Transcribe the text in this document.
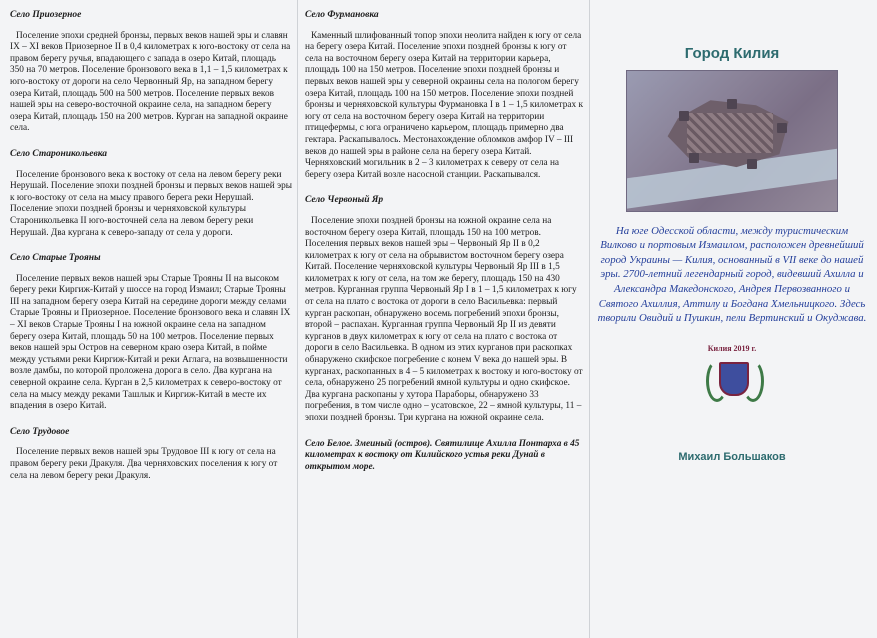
Село Приозерное
Поселение эпохи средней бронзы, первых веков нашей эры и славян IX – XI веков Приозерное II в 0,4 километрах к юго-востоку от села на правом берегу ручья, впадающего с запада в озеро Китай, площадь 350 на 70 метров. Поселение бронзового века в 1,1 – 1,5 километрах к юго-востоку от дороги на село Червонный Яр, на западном берегу озера Китай, площадь 500 на 500 метров. Поселение первых веков нашей эры на северо-восточной окраине села, на западном берегу озера Китай, площадь 150 на 200 метров. Курган на западной окраине села.
Село Староникольевка
Поселение бронзового века к востоку от села на левом берегу реки Нерушай. Поселение эпохи поздней бронзы и первых веков нашей эры к юго-востоку от села на мысу правого берега реки Нерушай. Поселение эпохи поздней бронзы и черняховской культуры Староникольевка II юго-восточней села на левом берегу реки Нерушай. Два кургана к северо-западу от села у дороги.
Село Старые Трояны
Поселение первых веков нашей эры Старые Трояны II на высоком берегу реки Киргиж-Китай у шоссе на город Измаил; Старые Трояны III на западном берегу озера Китай на середине дороги между селами Старые Трояны и Приозерное. Поселение бронзового века и славян IX – XI веков Старые Трояны I на южной окраине села на западном берегу озера Китай, площадь 50 на 100 метров. Поселение первых веков нашей эры Остров на северном краю озера Китай, в пойме между устьями реки Киргиж-Китай и реки Аглага, на возвышенности возле дамбы, по которой проложена дорога в село. Два кургана на северной окраине села. Курган в 2,5 километрах к северо-востоку от села на мысу между реками Ташлык и Киргиж-Китай в месте их впадения в озеро Китай.
Село Трудовое
Поселение первых веков нашей эры Трудовое III к югу от села на правом берегу реки Дракуля. Два черняховских поселения к югу от села на левом берегу реки Дракуля.
Село Фурмановка
Каменный шлифованный топор эпохи неолита найден к югу от села на берегу озера Китай. Поселение эпохи поздней бронзы к югу от села на восточном берегу озера Китай на территории карьера, площадь 100 на 150 метров. Поселение эпохи поздней бронзы и первых веков нашей эры у северной окраины села на пологом берегу озера Китай, площадь 100 на 150 метров. Поселение эпохи поздней бронзы и черняховской культуры Фурмановка I в 1 – 1,5 километрах к югу от села на восточном берегу озера Китай на территории птицефермы, с юга ограничено карьером, площадь примерно два гектара. Раскапывалось. Местонахождение обломков амфор IV – III веков до нашей эры в районе села на берегу озера Китай. Черняховский могильник в 2 – 3 километрах к северу от села на берегу озера Китай возле насосной станции. Раскапывался.
Село Червоный Яр
Поселение эпохи поздней бронзы на южной окраине села на восточном берегу озера Китай, площадь 150 на 100 метров. Поселения первых веков нашей эры – Червоный Яр II в 0,2 километрах к югу от села на обрывистом восточном берегу озера Китай. Поселение черняховской культуры Червоный Яр III в 1,5 километрах к югу от села, на том же берегу, площадь 150 на 430 метров. Курганная группа Червоный Яр I в 1 – 1,5 километрах к югу от села на плато с востока от дороги в село Васильевка: первый курган раскопан, обнаружено восемь погребений эпохи бронзы, второй – распахан. Курганная группа Червоный Яр II из девяти курганов в двух километрах к югу от села на плато с востока от дороги в село Васильевка. В одном из этих курганов при раскопках обнаружено скифское погребение с конем V века до нашей эры. В курганах, раскопанных в 4 – 5 километрах к востоку и юго-востоку от села, обнаружено 25 погребений ямной культуры и одно скифское. Два кургана раскопаны у хутора Параборы, обнаружено 33 погребения, в том числе одно – усатовское, 22 – ямной культуры, 11 – эпохи поздней бронзы. Три кургана на южной окраине села.
Село Белое. Змеиный (остров). Святилище Ахилла Понтарха в 45 километрах к востоку от Килийского устья реки Дунай в открытом море.
Город Килия
На юге Одесской области, между туристическим Вилково и портовым Измаилом, расположен древнейший город Украины — Килия, основанный в VII веке до нашей эры. 2700-летний легендарный город, видевший Ахилла и Александра Македонского, Андрея Первозванного и Святого Ахиллия, Аттилу и Богдана Хмельницкого. Здесь творили Овидий и Пушкин, пели Вертинский и Окуджава.
Килия 2019 г.
Михаил Большаков
